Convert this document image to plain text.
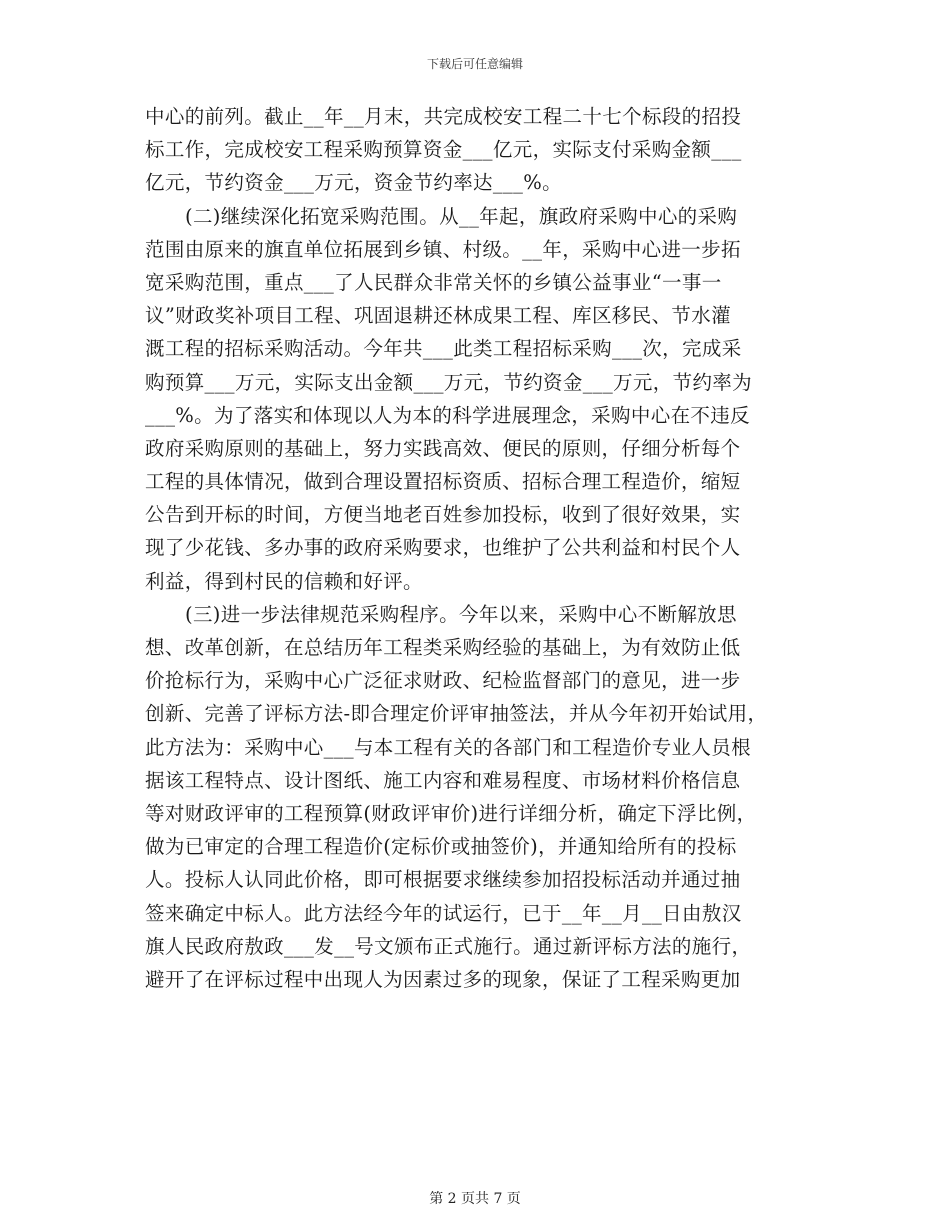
下载后可任意编辑
中心的前列。截止__年__月末，共完成校安工程二十七个标段的招投
标工作，完成校安工程采购预算资金___亿元，实际支付采购金额___
亿元，节约资金___万元，资金节约率达___%。
(二)继续深化拓宽采购范围。从__年起，旗政府采购中心的采购
范围由原来的旗直单位拓展到乡镇、村级。__年，采购中心进一步拓
宽采购范围，重点___了人民群众非常关怀的乡镇公益事业“一事一
议”财政奖补项目工程、巩固退耕还林成果工程、库区移民、节水灌
溉工程的招标采购活动。今年共___此类工程招标采购___次，完成采
购预算___万元，实际支出金额___万元，节约资金___万元，节约率为
___%。为了落实和体现以人为本的科学进展理念，采购中心在不违反
政府采购原则的基础上，努力实践高效、便民的原则，仔细分析每个
工程的具体情况，做到合理设置招标资质、招标合理工程造价，缩短
公告到开标的时间，方便当地老百姓参加投标，收到了很好效果，实
现了少花钱、多办事的政府采购要求，也维护了公共利益和村民个人
利益，得到村民的信赖和好评。
(三)进一步法律规范采购程序。今年以来，采购中心不断解放思
想、改革创新，在总结历年工程类采购经验的基础上，为有效防止低
价抢标行为，采购中心广泛征求财政、纪检监督部门的意见，进一步
创新、完善了评标方法-即合理定价评审抽签法，并从今年初开始试用，
此方法为：采购中心___与本工程有关的各部门和工程造价专业人员根
据该工程特点、设计图纸、施工内容和难易程度、市场材料价格信息
等对财政评审的工程预算(财政评审价)进行详细分析，确定下浮比例，
做为已审定的合理工程造价(定标价或抽签价)，并通知给所有的投标
人。投标人认同此价格，即可根据要求继续参加招投标活动并通过抽
签来确定中标人。此方法经今年的试运行，已于__年__月__日由敖汉
旗人民政府敖政___发__号文颁布正式施行。通过新评标方法的施行，
避开了在评标过程中出现人为因素过多的现象，保证了工程采购更加
第 2 页共 7 页
